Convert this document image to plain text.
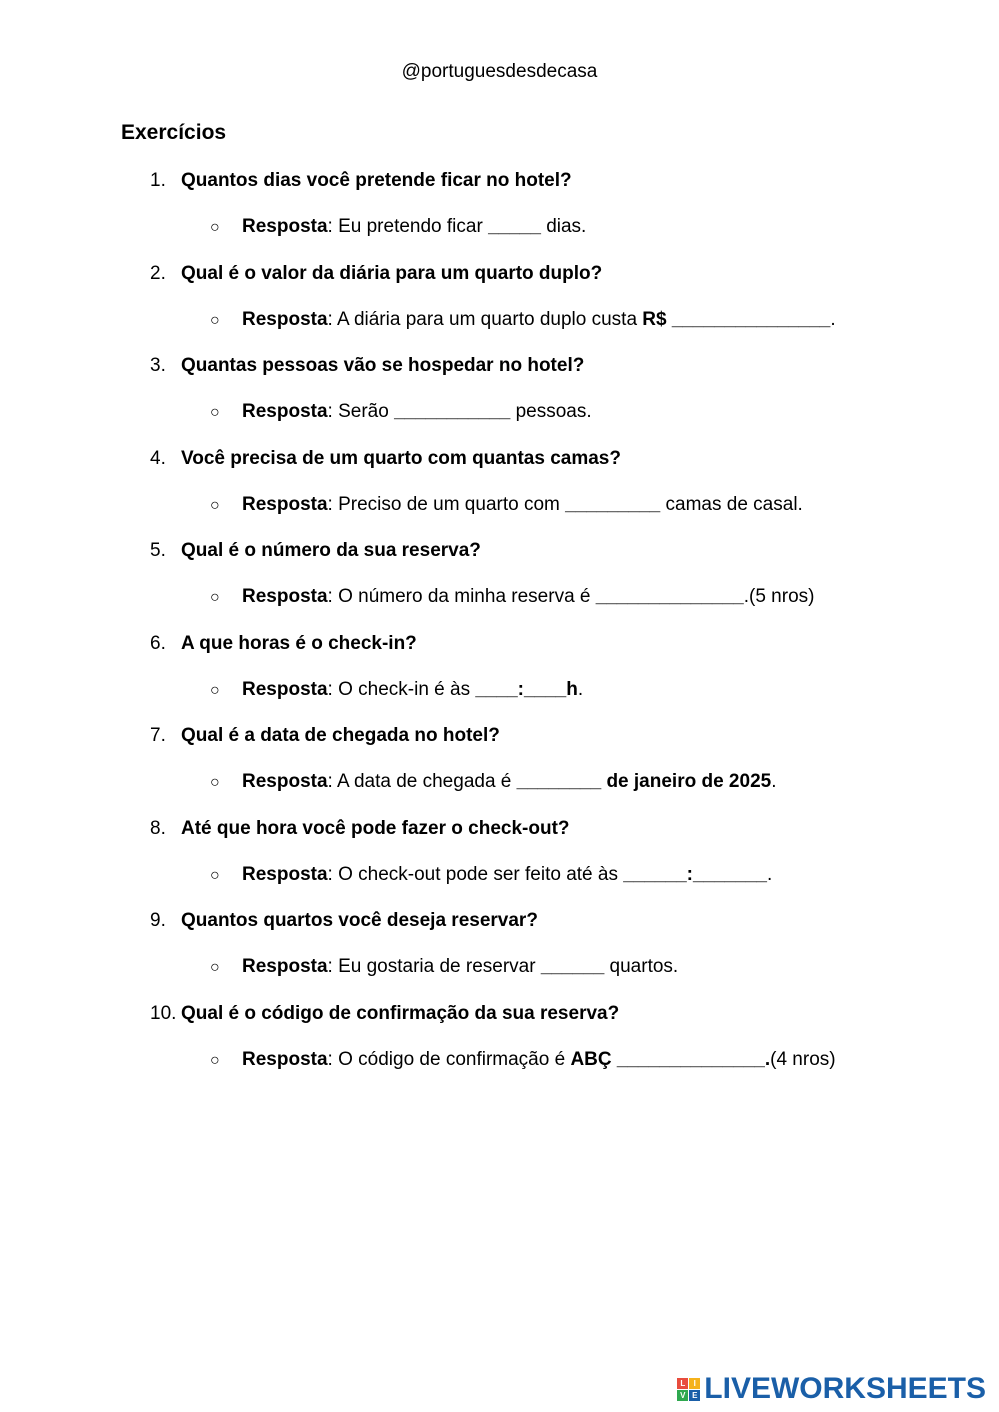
@portuguesdesdecasa
Exercícios
1. Quantos dias você pretende ficar no hotel?
○ Resposta: Eu pretendo ficar _____ dias.
2. Qual é o valor da diária para um quarto duplo?
○ Resposta: A diária para um quarto duplo custa R$ _______________.
3. Quantas pessoas vão se hospedar no hotel?
○ Resposta: Serão ___________ pessoas.
4. Você precisa de um quarto com quantas camas?
○ Resposta: Preciso de um quarto com _________ camas de casal.
5. Qual é o número da sua reserva?
○ Resposta: O número da minha reserva é ______________.(5 nros)
6. A que horas é o check-in?
○ Resposta: O check-in é às ____:____h.
7. Qual é a data de chegada no hotel?
○ Resposta: A data de chegada é ________ de janeiro de 2025.
8. Até que hora você pode fazer o check-out?
○ Resposta: O check-out pode ser feito até às ______:_______.
9. Quantos quartos você deseja reservar?
○ Resposta: Eu gostaria de reservar ______ quartos.
10. Qual é o código de confirmação da sua reserva?
○ Resposta: O código de confirmação é ABÇ ______________.(4 nros)
L	I
V E LIVEWORKSHEETS
